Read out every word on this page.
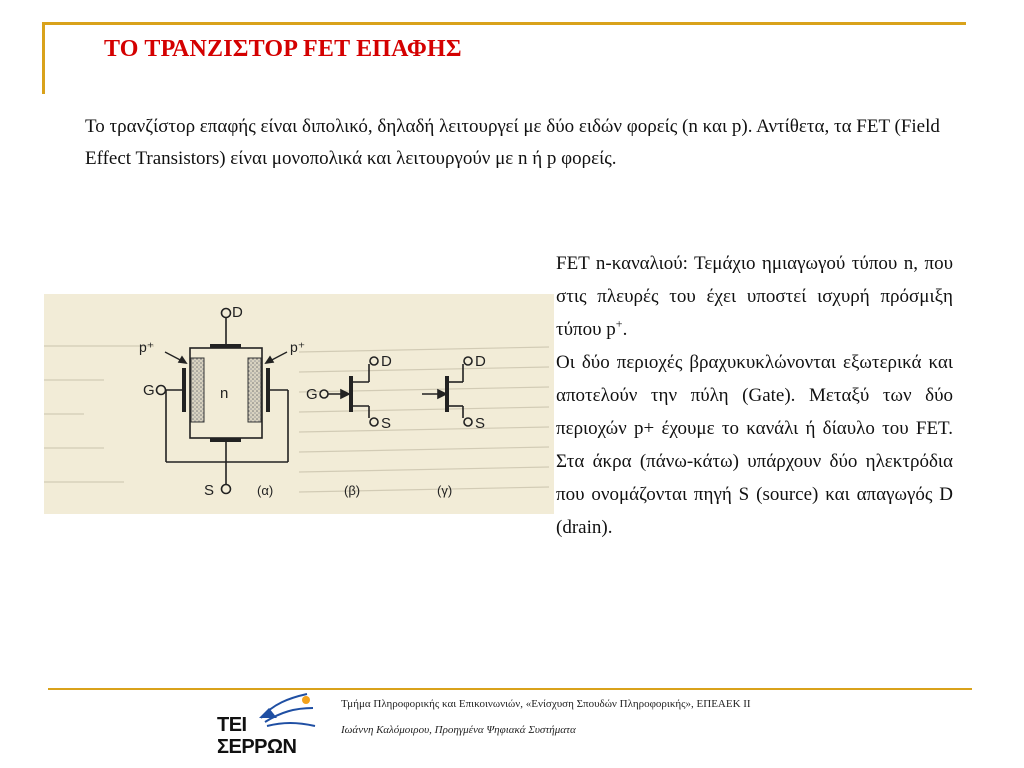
ΤΟ ΤΡΑΝΖΙΣΤΟΡ FET ΕΠΑΦΗΣ

Το τρανζίστορ επαφής είναι διπολικό, δηλαδή λειτουργεί με δύο ειδών φορείς (n και p). Αντίθετα, τα FET (Field Effect Transistors) είναι μονοπολικά και λειτουργούν με n ή p φορείς.

p⁺	p⁺
n
D
S
G
(α)
D
S
G
(β)
D
S
(γ)

FET n-καναλιού: Τεμάχιο ημιαγωγού τύπου n, που στις πλευρές του έχει υποστεί ισχυρή πρόσμιξη τύπου p+.

Οι δύο περιοχές βραχυκυκλώνονται εξωτερικά και αποτελούν την πύλη (Gate). Μεταξύ των δύο περιοχών p+ έχουμε το κανάλι ή δίαυλο του FET. Στα άκρα (πάνω-κάτω) υπάρχουν δύο ηλεκτρόδια που ονομάζονται πηγή S (source) και απαγωγός D (drain).

ΤΕΙ
ΣΕΡΡΩΝ
Τμήμα Πληροφορικής και Επικοινωνιών, «Ενίσχυση Σπουδών Πληροφορικής», ΕΠΕΑΕΚ ΙΙ
Ιωάννη Καλόμοιρου, Προηγμένα Ψηφιακά Συστήματα
